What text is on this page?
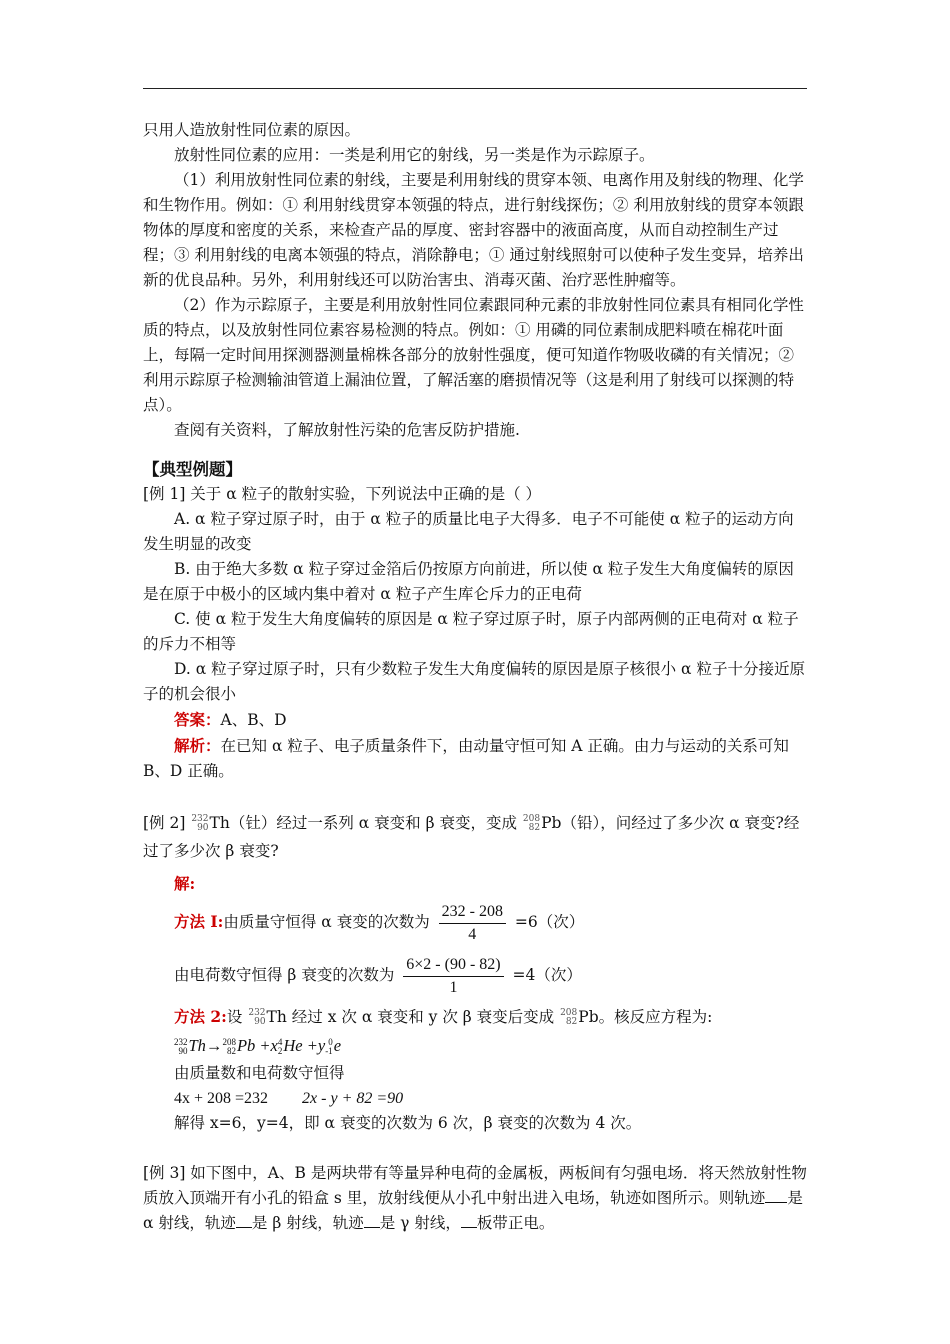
只用人造放射性同位素的原因。

放射性同位素的应用：一类是利用它的射线，另一类是作为示踪原子。

（1）利用放射性同位素的射线，主要是利用射线的贯穿本领、电离作用及射线的物理、化学和生物作用。例如：① 利用射线贯穿本领强的特点，进行射线探伤；② 利用放射线的贯穿本领跟物体的厚度和密度的关系，来检查产品的厚度、密封容器中的液面高度，从而自动控制生产过程；③ 利用射线的电离本领强的特点，消除静电；① 通过射线照射可以使种子发生变异，培养出新的优良品种。另外，利用射线还可以防治害虫、消毒灭菌、治疗恶性肿瘤等。

（2）作为示踪原子，主要是利用放射性同位素跟同种元素的非放射性同位素具有相同化学性质的特点，以及放射性同位素容易检测的特点。例如：① 用磷的同位素制成肥料喷在棉花叶面上，每隔一定时间用探测器测量棉株各部分的放射性强度，便可知道作物吸收磷的有关情况；② 利用示踪原子检测输油管道上漏油位置，了解活塞的磨损情况等（这是利用了射线可以探测的特点）。

查阅有关资料，了解放射性污染的危害反防护措施.

【典型例题】

[例 1] 关于 α 粒子的散射实验，下列说法中正确的是（ ）

A. α 粒子穿过原子时，由于 α 粒子的质量比电子大得多．电子不可能使 α 粒子的运动方向发生明显的改变

B. 由于绝大多数 α 粒子穿过金箔后仍按原方向前进，所以使 α 粒子发生大角度偏转的原因是在原于中极小的区域内集中着对 α 粒子产生库仑斥力的正电荷

C. 使 α 粒于发生大角度偏转的原因是 α 粒子穿过原子时，原子内部两侧的正电荷对 α 粒子的斥力不相等

D. α 粒子穿过原子时，只有少数粒子发生大角度偏转的原因是原子核很小 α 粒子十分接近原子的机会很小

答案：A、B、D

解析：在已知 α 粒子、电子质量条件下，由动量守恒可知 A 正确。由力与运动的关系可知 B、D 正确。

[例 2] 232
90 Th（钍）经过一系列 α 衰变和 β 衰变，变成 208
82 Pb（铅），问经过了多少次 α 衰变?经过了多少次 β 衰变?

解:

方法 I:由质量守恒得 α 衰变的次数为 $\frac{232 - 208}{4} =6$（次）

由电荷数守恒得 β 衰变的次数为 $\frac{6\times 2 - (90 - 82)}{1} =4$（次）

方法 2:设 232
90 Th 经过 x 次 α 衰变和 y 次 β 衰变后变成 208
82 Pb。核反应方程为:

232
90 Th→ 208
82 Pb +x 4
2 He +y 0
-1 e

由质量数和电荷数守恒得

4x + 208 =232 2x - y + 82 =90

解得 x=6，y=4，即 α 衰变的次数为 6 次，β 衰变的次数为 4 次。

[例 3] 如下图中，A、B 是两块带有等量异种电荷的金属板，两板间有匀强电场．将天然放射性物质放入顶端开有小孔的铅盒 s 里，放射线便从小孔中射出进入电场，轨迹如图所示。则轨迹 是 α 射线，轨迹 是 β 射线，轨迹 是 γ 射线， 板带正电。
